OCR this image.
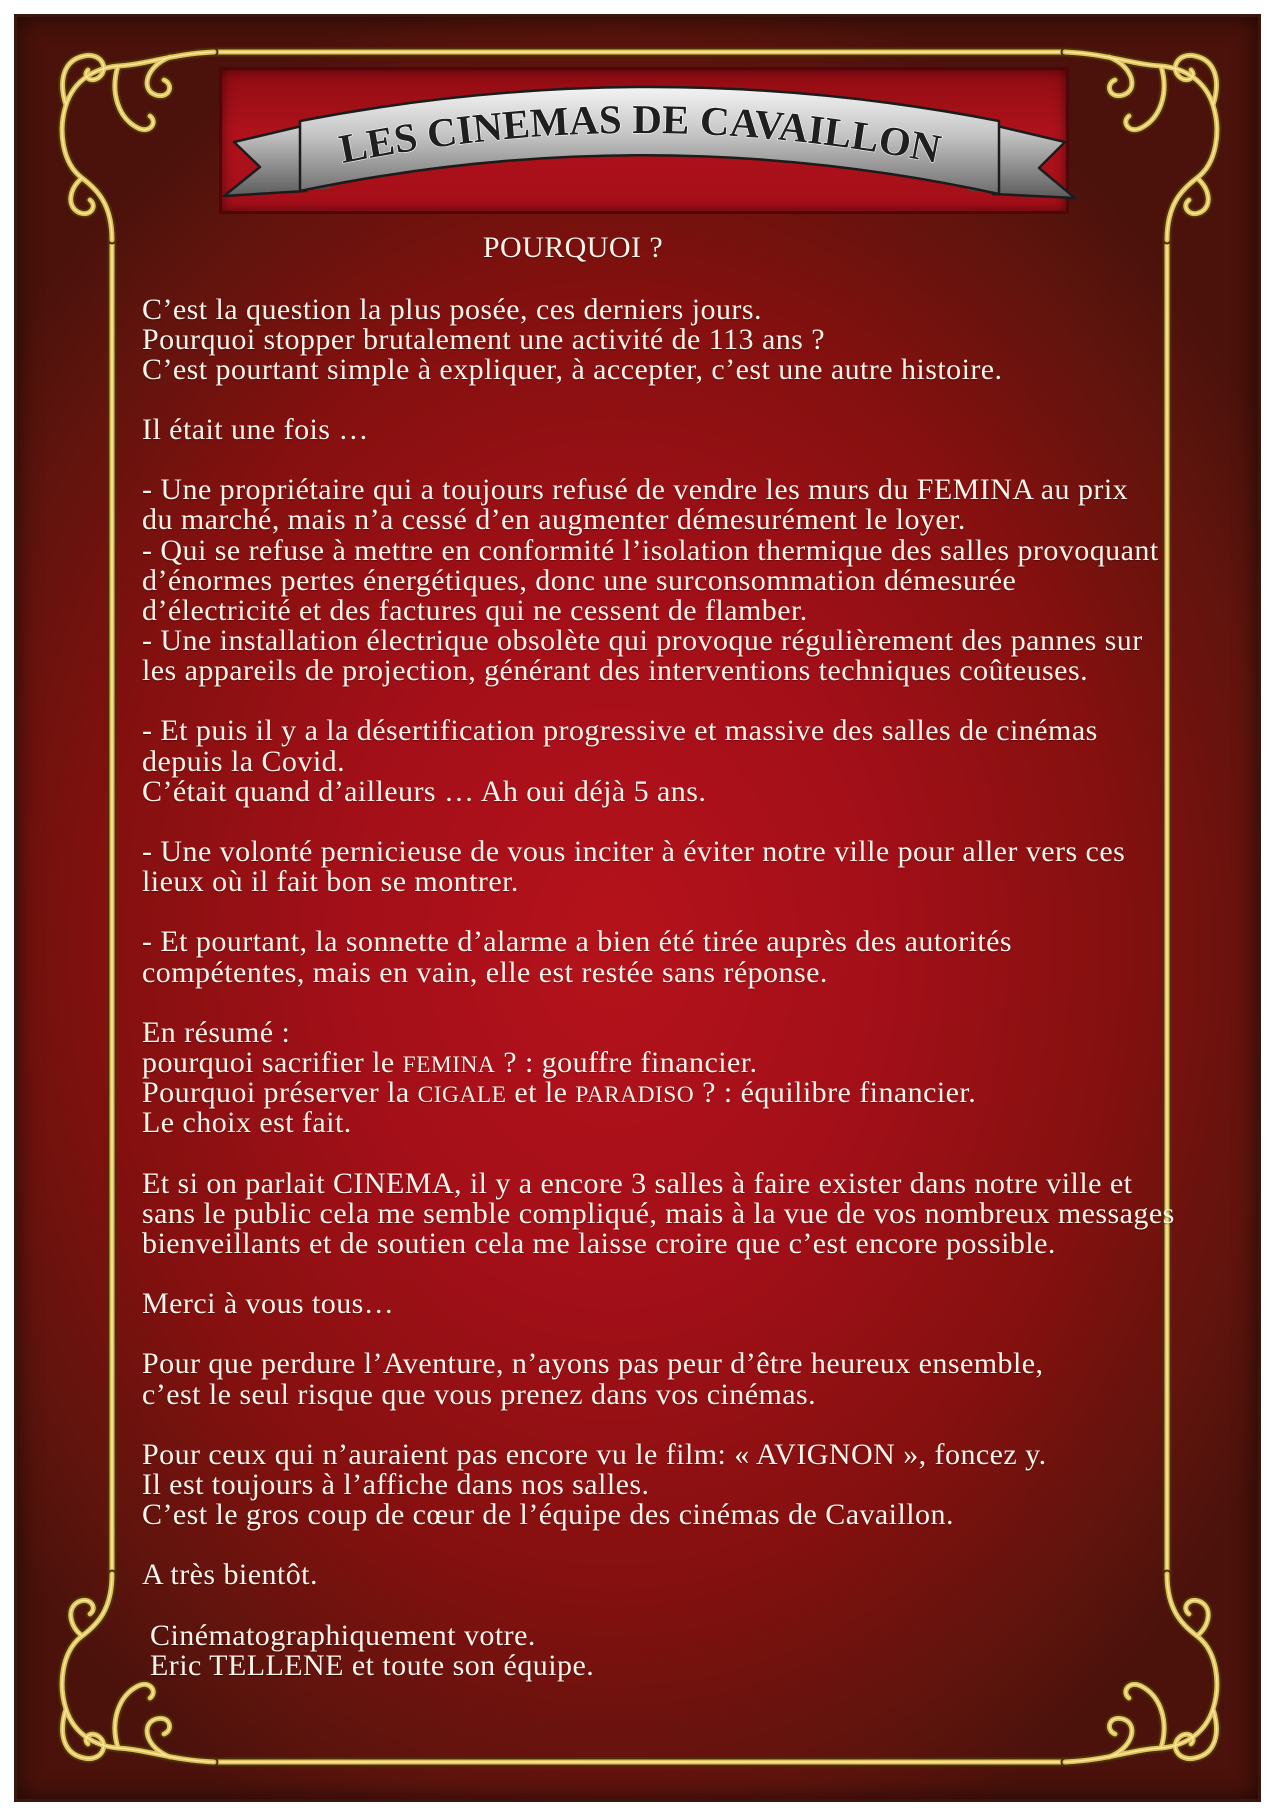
LES CINEMAS DE CAVAILLON
POURQUOI ?
C’est la question la plus posée, ces derniers jours.
Pourquoi stopper brutalement une activité de 113 ans ?
C’est pourtant simple à expliquer, à accepter, c’est une autre histoire.
Il était une fois …
- Une propriétaire qui a toujours refusé de vendre les murs du FEMINA au prix
du marché, mais n’a cessé d’en augmenter démesurément le loyer.
- Qui se refuse à mettre en conformité l’isolation thermique des salles provoquant
d’énormes pertes énergétiques, donc une surconsommation démesurée
d’électricité et des factures qui ne cessent de flamber.
- Une installation électrique obsolète qui provoque régulièrement des pannes sur
les appareils de projection, générant des interventions techniques coûteuses.
- Et puis il y a la désertification progressive et massive des salles de cinémas
depuis la Covid.
C’était quand d’ailleurs … Ah oui déjà 5 ans.
- Une volonté pernicieuse de vous inciter à éviter notre ville pour aller vers ces
lieux où il fait bon se montrer.
- Et pourtant, la sonnette d’alarme a bien été tirée auprès des autorités
compétentes, mais en vain, elle est restée sans réponse.
En résumé :
pourquoi sacrifier le FEMINA ? : gouffre financier.
Pourquoi préserver la CIGALE et le PARADISO ? : équilibre financier.
Le choix est fait.
Et si on parlait CINEMA, il y a encore 3 salles à faire exister dans notre ville et
sans le public cela me semble compliqué, mais à la vue de vos nombreux messages
bienveillants et de soutien cela me laisse croire que c’est encore possible.
Merci à vous tous…
Pour que perdure l’Aventure, n’ayons pas peur d’être heureux ensemble,
c’est le seul risque que vous prenez dans vos cinémas.
Pour ceux qui n’auraient pas encore vu le film: « AVIGNON », foncez y.
Il est toujours à l’affiche dans nos salles.
C’est le gros coup de cœur de l’équipe des cinémas de Cavaillon.
A très bientôt.
Cinématographiquement votre.
Eric TELLENE et toute son équipe.
